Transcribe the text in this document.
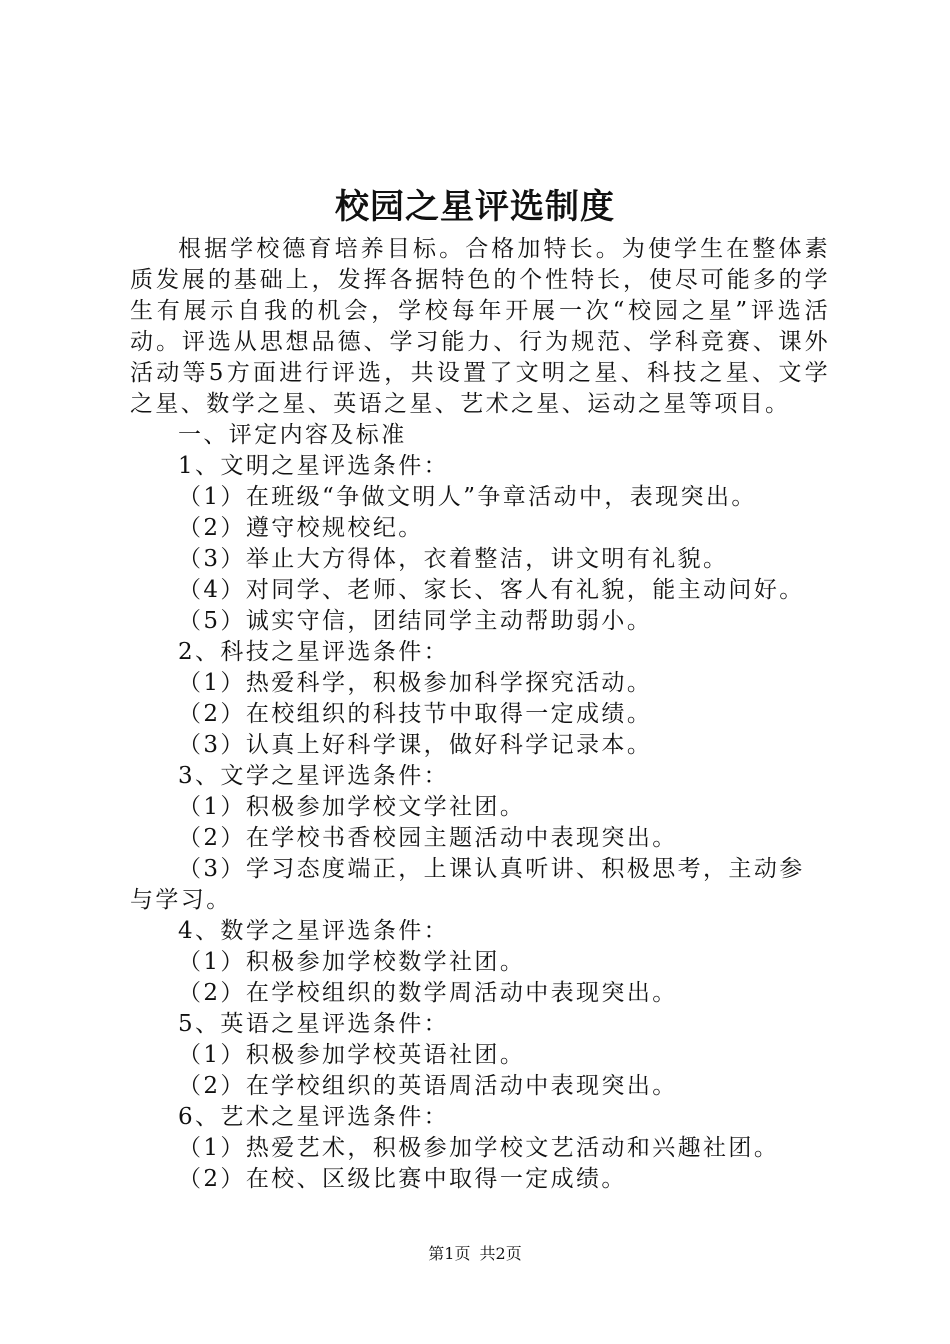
校园之星评选制度

根据学校德育培养目标。合格加特长。为使学生在整体素质发展的基础上，发挥各据特色的个性特长，使尽可能多的学生有展示自我的机会，学校每年开展一次“校园之星”评选活动。评选从思想品德、学习能力、行为规范、学科竞赛、课外活动等5方面进行评选，共设置了文明之星、科技之星、文学之星、数学之星、英语之星、艺术之星、运动之星等项目。

一、评定内容及标准

1、文明之星评选条件：

（1）在班级“争做文明人”争章活动中，表现突出。

（2）遵守校规校纪。

（3）举止大方得体，衣着整洁，讲文明有礼貌。

（4）对同学、老师、家长、客人有礼貌，能主动问好。

（5）诚实守信，团结同学主动帮助弱小。

2、科技之星评选条件：

（1）热爱科学，积极参加科学探究活动。

（2）在校组织的科技节中取得一定成绩。

（3）认真上好科学课，做好科学记录本。

3、文学之星评选条件：

（1）积极参加学校文学社团。

（2）在学校书香校园主题活动中表现突出。

（3）学习态度端正，上课认真听讲、积极思考，主动参与学习。

4、数学之星评选条件：

（1）积极参加学校数学社团。

（2）在学校组织的数学周活动中表现突出。

5、英语之星评选条件：

（1）积极参加学校英语社团。

（2）在学校组织的英语周活动中表现突出。

6、艺术之星评选条件：

（1）热爱艺术，积极参加学校文艺活动和兴趣社团。

（2）在校、区级比赛中取得一定成绩。

第1页 共2页
